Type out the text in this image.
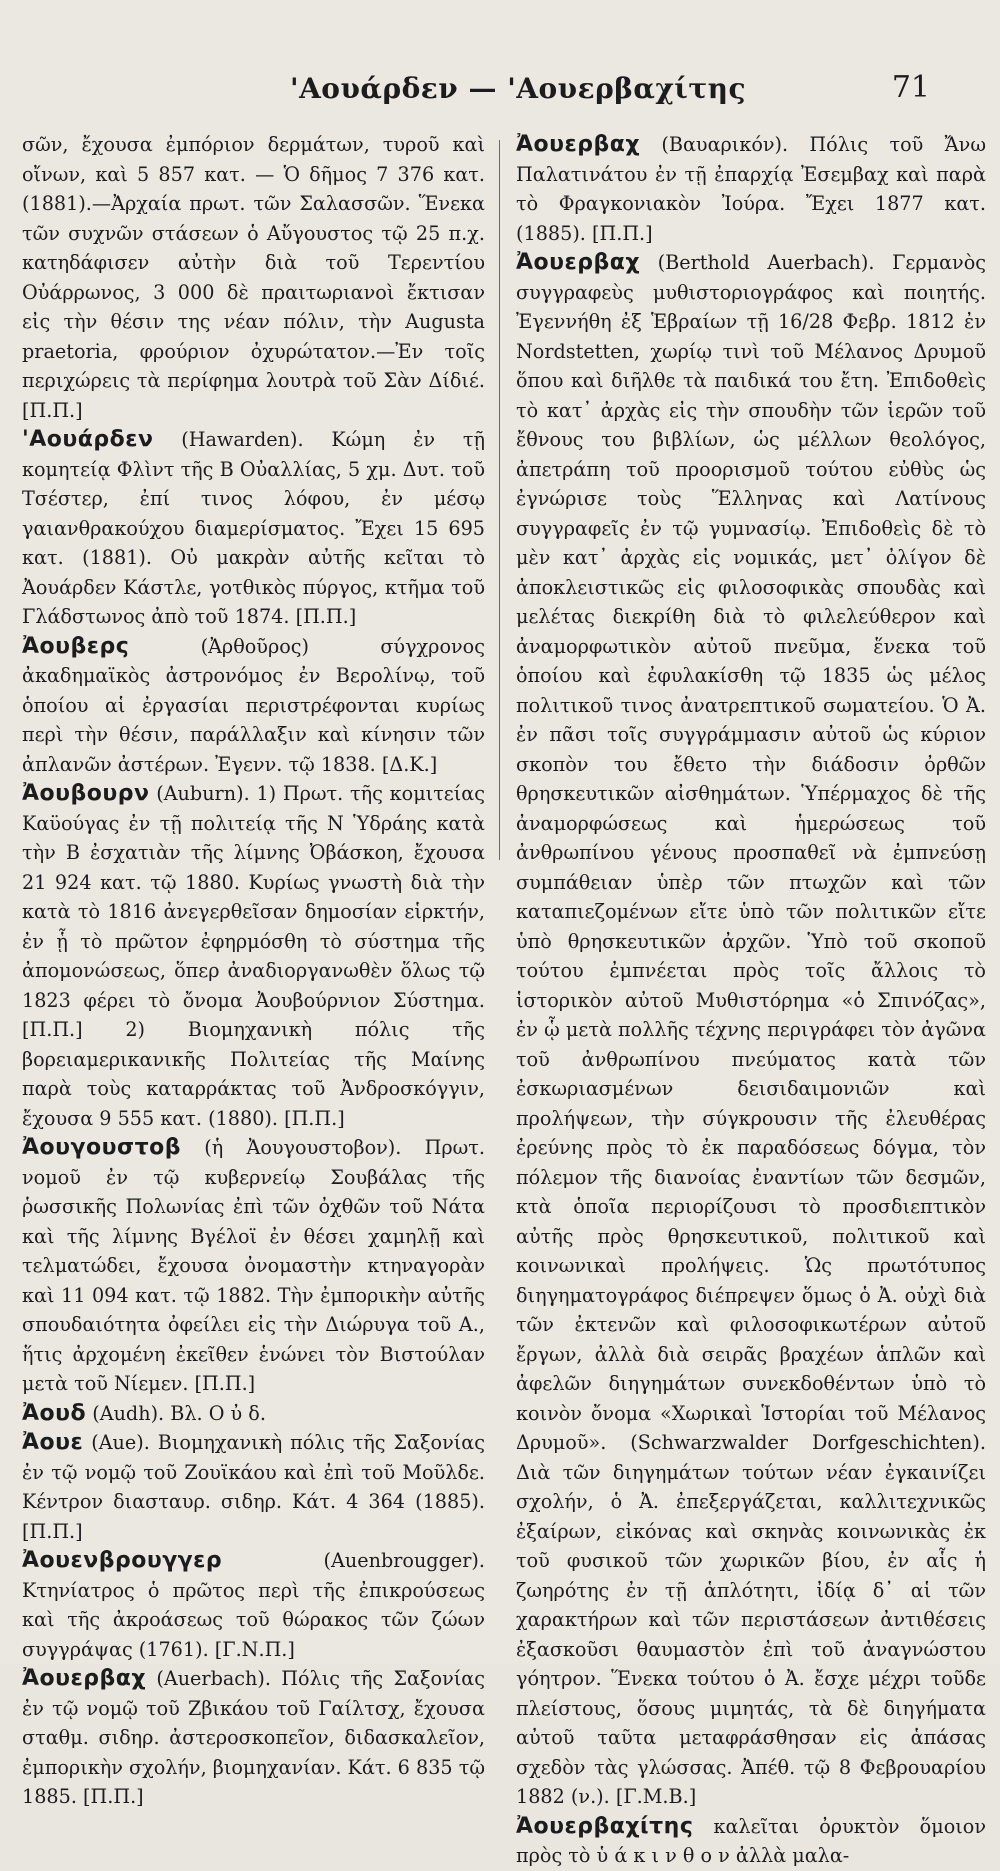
'Αουάρδεν — 'Αουερβαχίτης	71

σῶν, ἔχουσα ἐμπόριον δερμάτων, τυροῦ καὶ οἴνων, καὶ 5 857 κατ. — Ὁ δῆμος 7 376 κατ. (1881).—Ἀρχαία πρωτ. τῶν Σαλασσῶν. Ἕνεκα τῶν συχνῶν στάσεων ὁ Αὔγουστος τῷ 25 π.χ. κατηδάφισεν αὐτὴν διὰ τοῦ Τερεντίου Οὐάρρωνος, 3 000 δὲ πραιτωριανοὶ ἔκτισαν εἰς τὴν θέσιν της νέαν πόλιν, τὴν Augusta praetoria, φρούριον ὀχυρώτατον.—Ἐν τοῖς περιχώρεις τὰ περίφημα λουτρὰ τοῦ Σὰν Δίδιέ. [Π.Π.]

'Αουάρδεν (Hawarden). Κώμη ἐν τῇ κομητείᾳ Φλὶντ τῆς Β Οὐαλλίας, 5 χμ. Δυτ. τοῦ Τσέστερ, ἐπί τινος λόφου, ἐν μέσῳ γαιανθρακούχου διαμερίσματος. Ἔχει 15 695 κατ. (1881). Οὐ μακρὰν αὐτῆς κεῖται τὸ Ἀουάρδεν Κάστλε, γοτθικὸς πύργος, κτῆμα τοῦ Γλάδστωνος ἀπὸ τοῦ 1874. [Π.Π.]

Ἀουβερς	(Ἀρθοῦρος) σύγχρονος ἀκαδημαϊκὸς ἀστρονόμος ἐν Βερολίνῳ, τοῦ ὁποίου αἱ ἐργασίαι περιστρέφονται κυρίως περὶ τὴν θέσιν, παράλλαξιν καὶ κίνησιν τῶν ἀπλανῶν ἀστέρων. Ἐγενν. τῷ 1838. [Δ.Κ.]

Ἀουβουρν (Auburn). 1) Πρωτ. τῆς κομιτείας Καϋούγας ἐν τῇ πολιτείᾳ τῆς Ν Ὑδράης κατὰ τὴν Β ἐσχατιὰν τῆς λίμνης Ὀβάσκοη, ἔχουσα 21 924 κατ. τῷ 1880. Κυρίως γνωστὴ διὰ τὴν κατὰ τὸ 1816 ἀνεγερθεῖσαν δημοσίαν εἱρκτήν, ἐν ᾗ τὸ πρῶτον ἐφηρμόσθη τὸ σύστημα τῆς ἀπομονώσεως, ὅπερ ἀναδιοργανωθὲν ὅλως τῷ 1823 φέρει τὸ ὄνομα Ἀουβούρνιον Σύστημα. [Π.Π.] 2) Βιομηχανικὴ πόλις τῆς βορειαμερικανικῆς Πολιτείας τῆς Μαίνης παρὰ τοὺς καταρράκτας τοῦ Ἀνδροσκόγγιν, ἔχουσα 9 555 κατ. (1880). [Π.Π.]

Ἀουγουστοβ (ἡ Ἀουγουστοβον). Πρωτ. νομοῦ ἐν τῷ κυβερνείῳ Σουβάλας τῆς ῥωσσικῆς Πολωνίας ἐπὶ τῶν ὀχθῶν τοῦ Νάτα καὶ τῆς λίμνης Βγέλοϊ ἐν θέσει χαμηλῇ καὶ τελματώδει, ἔχουσα ὀνομαστὴν κτηναγορὰν καὶ 11 094 κατ. τῷ 1882. Τὴν ἐμπορικὴν αὐτῆς σπουδαιότητα ὀφείλει εἰς τὴν Διώρυγα τοῦ Α., ἥτις ἀρχομένη ἐκεῖθεν ἑνώνει τὸν Βιστούλαν μετὰ τοῦ Νίεμεν. [Π.Π.]

Ἀουδ (Audh). Βλ. Ο ὐ δ.

Ἀουε (Aue). Βιομηχανικὴ πόλις τῆς Σαξονίας ἐν τῷ νομῷ τοῦ Ζουϊκάου καὶ ἐπὶ τοῦ Μοῦλδε. Κέντρον διασταυρ. σιδηρ. Κάτ. 4 364 (1885). [Π.Π.]

Ἀουενβρουγγερ	(Auenbrougger). Κτηνίατρος ὁ πρῶτος περὶ τῆς ἐπικρούσεως καὶ τῆς ἀκροάσεως τοῦ θώρακος τῶν ζώων συγγράψας (1761). [Γ.Ν.Π.]

Ἀουερβαχ (Auerbach). Πόλις τῆς Σαξονίας ἐν τῷ νομῷ τοῦ Ζβικάου τοῦ Γαίλτσχ, ἔχουσα σταθμ. σιδηρ. ἀστεροσκοπεῖον, διδασκαλεῖον, ἐμπορικὴν σχολήν, βιομηχανίαν. Κάτ. 6 835 τῷ 1885. [Π.Π.]

Ἀουερβαχ (Βαυαρικόν). Πόλις τοῦ Ἄνω Παλατινάτου ἐν τῇ ἐπαρχίᾳ Ἐσεμβαχ καὶ παρὰ τὸ Φραγκονιακὸν Ἰούρα. Ἔχει 1877 κατ. (1885). [Π.Π.]

Ἀουερβαχ (Berthold Auerbach). Γερμανὸς συγγραφεὺς μυθιστοριογράφος καὶ ποιητής. Ἐγεννήθη ἐξ Ἑβραίων τῇ 16/28 Φεβρ. 1812 ἐν Nordstetten, χωρίῳ τινὶ τοῦ Μέλανος Δρυμοῦ ὅπου καὶ διῆλθε τὰ παιδικά του ἔτη. Ἐπιδοθεὶς τὸ κατ᾽ ἀρχὰς εἰς τὴν σπουδὴν τῶν ἱερῶν τοῦ ἔθνους του βιβλίων, ὡς μέλλων θεολόγος, ἀπετράπη τοῦ προορισμοῦ τούτου εὐθὺς ὡς ἐγνώρισε τοὺς Ἕλληνας καὶ Λατίνους συγγραφεῖς ἐν τῷ γυμνασίῳ. Ἐπιδοθεὶς δὲ τὸ μὲν κατ᾽ ἀρχὰς εἰς νομικάς, μετ᾽ ὀλίγον δὲ ἀποκλειστικῶς εἰς φιλοσοφικὰς σπουδὰς καὶ μελέτας διεκρίθη διὰ τὸ φιλελεύθερον καὶ ἀναμορφωτικὸν αὐτοῦ πνεῦμα, ἕνεκα τοῦ ὁποίου καὶ ἐφυλακίσθη τῷ 1835 ὡς μέλος πολιτικοῦ τινος ἀνατρεπτικοῦ σωματείου. Ὁ Ἀ. ἐν πᾶσι τοῖς συγγράμμασιν αὐτοῦ ὡς κύριον σκοπὸν του ἔθετο τὴν διάδοσιν ὀρθῶν θρησκευτικῶν αἰσθημάτων. Ὑπέρμαχος δὲ τῆς ἀναμορφώσεως καὶ ἡμερώσεως τοῦ ἀνθρωπίνου γένους προσπαθεῖ νὰ ἐμπνεύσῃ συμπάθειαν ὑπὲρ τῶν πτωχῶν καὶ τῶν καταπιεζομένων εἴτε ὑπὸ τῶν πολιτικῶν εἴτε ὑπὸ θρησκευτικῶν ἀρχῶν. Ὑπὸ τοῦ σκοποῦ τούτου ἐμπνέεται πρὸς τοῖς ἄλλοις τὸ ἱστορικὸν αὐτοῦ Μυθιστόρημα «ὁ Σπινόζας», ἐν ᾧ μετὰ πολλῆς τέχνης περιγράφει τὸν ἀγῶνα τοῦ ἀνθρωπίνου πνεύματος κατὰ τῶν ἐσκωριασμένων δεισιδαιμονιῶν καὶ προλήψεων, τὴν σύγκρουσιν τῆς ἐλευθέρας ἐρεύνης πρὸς τὸ ἐκ παραδόσεως δόγμα, τὸν πόλεμον τῆς διανοίας ἐναντίων τῶν δεσμῶν, κτὰ ὁποῖα περιορίζουσι τὸ προσδιεπτικὸν αὐτῆς πρὸς θρησκευτικοῦ, πολιτικοῦ καὶ κοινωνικαὶ προλήψεις. Ὡς πρωτότυπος διηγηματογράφος διέπρεψεν ὅμως ὁ Ἀ. οὐχὶ διὰ τῶν ἐκτενῶν καὶ φιλοσοφικωτέρων αὐτοῦ ἔργων, ἀλλὰ διὰ σειρᾶς βραχέων ἁπλῶν καὶ ἀφελῶν διηγημάτων συνεκδοθέντων ὑπὸ τὸ κοινὸν ὄνομα «Χωρικαὶ Ἱστορίαι τοῦ Μέλανος Δρυμοῦ». (Schwarzwalder Dorfgeschichten). Διὰ τῶν διηγημάτων τούτων νέαν ἐγκαινίζει σχολήν, ὁ Ἀ. ἐπεξεργάζεται, καλλιτεχνικῶς ἐξαίρων, εἰκόνας καὶ σκηνὰς κοινωνικὰς ἐκ τοῦ φυσικοῦ τῶν χωρικῶν βίου, ἐν αἷς ἡ ζωηρότης ἐν τῇ ἁπλότητι, ἰδίᾳ δ᾽ αἱ τῶν χαρακτήρων καὶ τῶν περιστάσεων ἀντιθέσεις ἐξασκοῦσι θαυμαστὸν ἐπὶ τοῦ ἀναγνώστου γόητρον. Ἕνεκα τούτου ὁ Ἀ. ἔσχε μέχρι τοῦδε πλείστους, ὅσους μιμητάς, τὰ δὲ διηγήματα αὐτοῦ ταῦτα μεταφράσθησαν εἰς ἁπάσας σχεδὸν τὰς γλώσσας. Ἀπέθ. τῷ 8 Φεβρουαρίου 1882 (ν.). [Γ.Μ.Β.]

Ἀουερβαχίτης καλεῖται ὀρυκτὸν ὅμοιον πρὸς τὸ ὑ ά κ ι ν θ ο ν ἀλλὰ μαλα-
